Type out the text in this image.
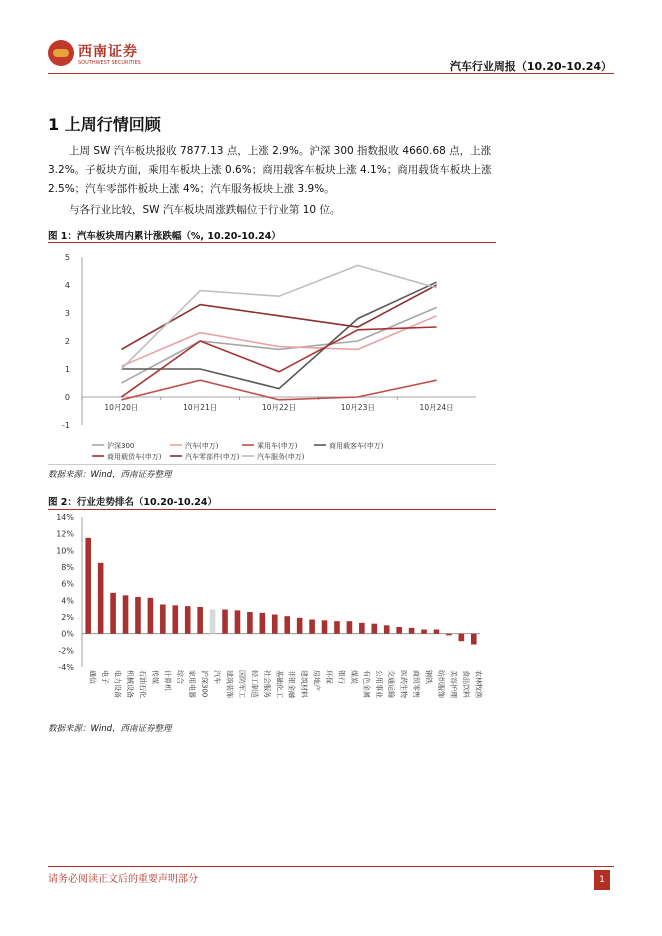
西南证券
SOUTHWEST SECURITIES	汽车行业周报（10.20-10.24）
1 上周行情回顾
上周 SW 汽车板块报收 7877.13 点，上涨 2.9%。沪深 300 指数报收 4660.68 点，上涨 3.2%。子板块方面，乘用车板块上涨 0.6%；商用载客车板块上涨 4.1%；商用载货车板块上涨 2.5%；汽车零部件板块上涨 4%；汽车服务板块上涨 3.9%。
与各行业比较，SW 汽车板块周涨跌幅位于行业第 10 位。
图 1：汽车板块周内累计涨跌幅（%, 10.20-10.24）
5
4
3
2
1
0
-1
10月20日	10月21日	10月22日	10月23日	10月24日
沪深300	汽车(申万)	乘用车(申万)	商用载客车(申万)
商用载货车(申万)	汽车零部件(申万)	汽车服务(申万)
数据来源：Wind，西南证券整理
图 2：行业走势排名（10.20-10.24）
14%
12%
10%
8%
6%
4%
2%
0%
-2%
-4%
通信 电子 电力设备 机械设备 石油石化 传媒 计算机 综合 家用电器 沪深300 汽车 建筑装饰 国防军工 轻工制造 社会服务 基础化工 非银金融 建筑材料 房地产 环保 银行 煤炭 有色金属 公用事业 交通运输 医药生物 商贸零售 钢铁 纺织服饰 美容护理 食品饮料 农林牧渔
数据来源：Wind，西南证券整理
请务必阅读正文后的重要声明部分	1
